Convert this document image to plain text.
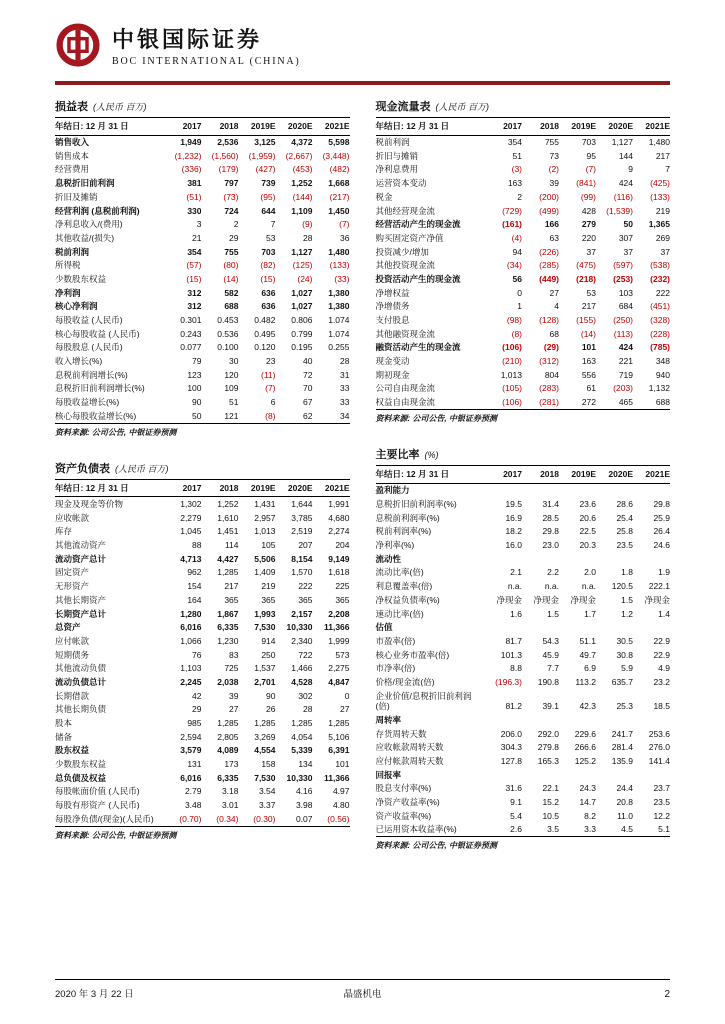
中银国际证券
BOC INTERNATIONAL (CHINA)
损益表 (人民币 百万)
年结日: 12 月 31 日	2017	2018	2019E	2020E	2021E
销售收入	1,949	2,536	3,125	4,372	5,598
销售成本	(1,232)	(1,560)	(1,959)	(2,667)	(3,448)
经营费用	(336)	(179)	(427)	(453)	(482)
息税折旧前利润	381	797	739	1,252	1,668
折旧及摊销	(51)	(73)	(95)	(144)	(217)
经营利润 (息税前利润)	330	724	644	1,109	1,450
净利息收入/(费用)	3	2	7	(9)	(7)
其他收益/(损失)	21	29	53	28	36
税前利润	354	755	703	1,127	1,480
所得税	(57)	(80)	(82)	(125)	(133)
少数股东权益	(15)	(14)	(15)	(24)	(33)
净利润	312	582	636	1,027	1,380
核心净利润	312	688	636	1,027	1,380
每股收益 (人民币)	0.301	0.453	0.482	0.806	1.074
核心每股收益 (人民币)	0.243	0.536	0.495	0.799	1.074
每股股息 (人民币)	0.077	0.100	0.120	0.195	0.255
收入增长(%)	79	30	23	40	28
息税前利润增长(%)	123	120	(11)	72	31
息税折旧前利润增长(%)	100	109	(7)	70	33
每股收益增长(%)	90	51	6	67	33
核心每股收益增长(%)	50	121	(8)	62	34
资料来源: 公司公告, 中银证券预测
资产负债表 (人民币 百万)
年结日: 12 月 31 日	2017	2018	2019E	2020E	2021E
现金及现金等价物	1,302	1,252	1,431	1,644	1,991
应收帐款	2,279	1,610	2,957	3,785	4,680
库存	1,045	1,451	1,013	2,519	2,274
其他流动资产	88	114	105	207	204
流动资产总计	4,713	4,427	5,506	8,154	9,149
固定资产	962	1,285	1,409	1,570	1,618
无形资产	154	217	219	222	225
其他长期资产	164	365	365	365	365
长期资产总计	1,280	1,867	1,993	2,157	2,208
总资产	6,016	6,335	7,530	10,330	11,366
应付帐款	1,066	1,230	914	2,340	1,999
短期债务	76	83	250	722	573
其他流动负债	1,103	725	1,537	1,466	2,275
流动负债总计	2,245	2,038	2,701	4,528	4,847
长期借款	42	39	90	302	0
其他长期负债	29	27	26	28	27
股本	985	1,285	1,285	1,285	1,285
储备	2,594	2,805	3,269	4,054	5,106
股东权益	3,579	4,089	4,554	5,339	6,391
少数股东权益	131	173	158	134	101
总负债及权益	6,016	6,335	7,530	10,330	11,366
每股帐面价值 (人民币)	2.79	3.18	3.54	4.16	4.97
每股有形资产 (人民币)	3.48	3.01	3.37	3.98	4.80
每股净负债/(现金)(人民币)	(0.70)	(0.34)	(0.30)	0.07	(0.56)
资料来源: 公司公告, 中银证券预测
现金流量表 (人民币 百万)
年结日: 12 月 31 日	2017	2018	2019E	2020E	2021E
税前利润	354	755	703	1,127	1,480
折旧与摊销	51	73	95	144	217
净利息费用	(3)	(2)	(7)	9	7
运营资本变动	163	39	(841)	424	(425)
税金	2	(200)	(99)	(116)	(133)
其他经营现金流	(729)	(499)	428	(1,539)	219
经营活动产生的现金流	(161)	166	279	50	1,365
购买固定资产净值	(4)	63	220	307	269
投资减少/增加	94	(226)	37	37	37
其他投资现金流	(34)	(285)	(475)	(597)	(538)
投资活动产生的现金流	56	(449)	(218)	(253)	(232)
净增权益	0	27	53	103	222
净增债务	1	4	217	684	(451)
支付股息	(98)	(128)	(155)	(250)	(328)
其他融资现金流	(8)	68	(14)	(113)	(228)
融资活动产生的现金流	(106)	(29)	101	424	(785)
现金变动	(210)	(312)	163	221	348
期初现金	1,013	804	556	719	940
公司自由现金流	(105)	(283)	61	(203)	1,132
权益自由现金流	(106)	(281)	272	465	688
资料来源: 公司公告, 中银证券预测
主要比率 (%)
年结日: 12 月 31 日	2017	2018	2019E	2020E	2021E
盈利能力
息税折旧前利润率(%)	19.5	31.4	23.6	28.6	29.8
息税前利润率(%)	16.9	28.5	20.6	25.4	25.9
税前利润率(%)	18.2	29.8	22.5	25.8	26.4
净利率(%)	16.0	23.0	20.3	23.5	24.6
流动性
流动比率(倍)	2.1	2.2	2.0	1.8	1.9
利息覆盖率(倍)	n.a.	n.a.	n.a.	120.5	222.1
净权益负债率(%)	净现金	净现金	净现金	1.5	净现金
速动比率(倍)	1.6	1.5	1.7	1.2	1.4
估值
市盈率(倍)	81.7	54.3	51.1	30.5	22.9
核心业务市盈率(倍)	101.3	45.9	49.7	30.8	22.9
市净率(倍)	8.8	7.7	6.9	5.9	4.9
价格/现金流(倍)	(196.3)	190.8	113.2	635.7	23.2
企业价值/息税折旧前利润(倍)	81.2	39.1	42.3	25.3	18.5
周转率
存货周转天数	206.0	292.0	229.6	241.7	253.6
应收帐款周转天数	304.3	279.8	266.6	281.4	276.0
应付帐款周转天数	127.8	165.3	125.2	135.9	141.4
回报率
股息支付率(%)	31.6	22.1	24.3	24.4	23.7
净资产收益率(%)	9.1	15.2	14.7	20.8	23.5
资产收益率(%)	5.4	10.5	8.2	11.0	12.2
已运用资本收益率(%)	2.6	3.5	3.3	4.5	5.1
资料来源: 公司公告, 中银证券预测
2020 年 3 月 22 日	晶盛机电	2
